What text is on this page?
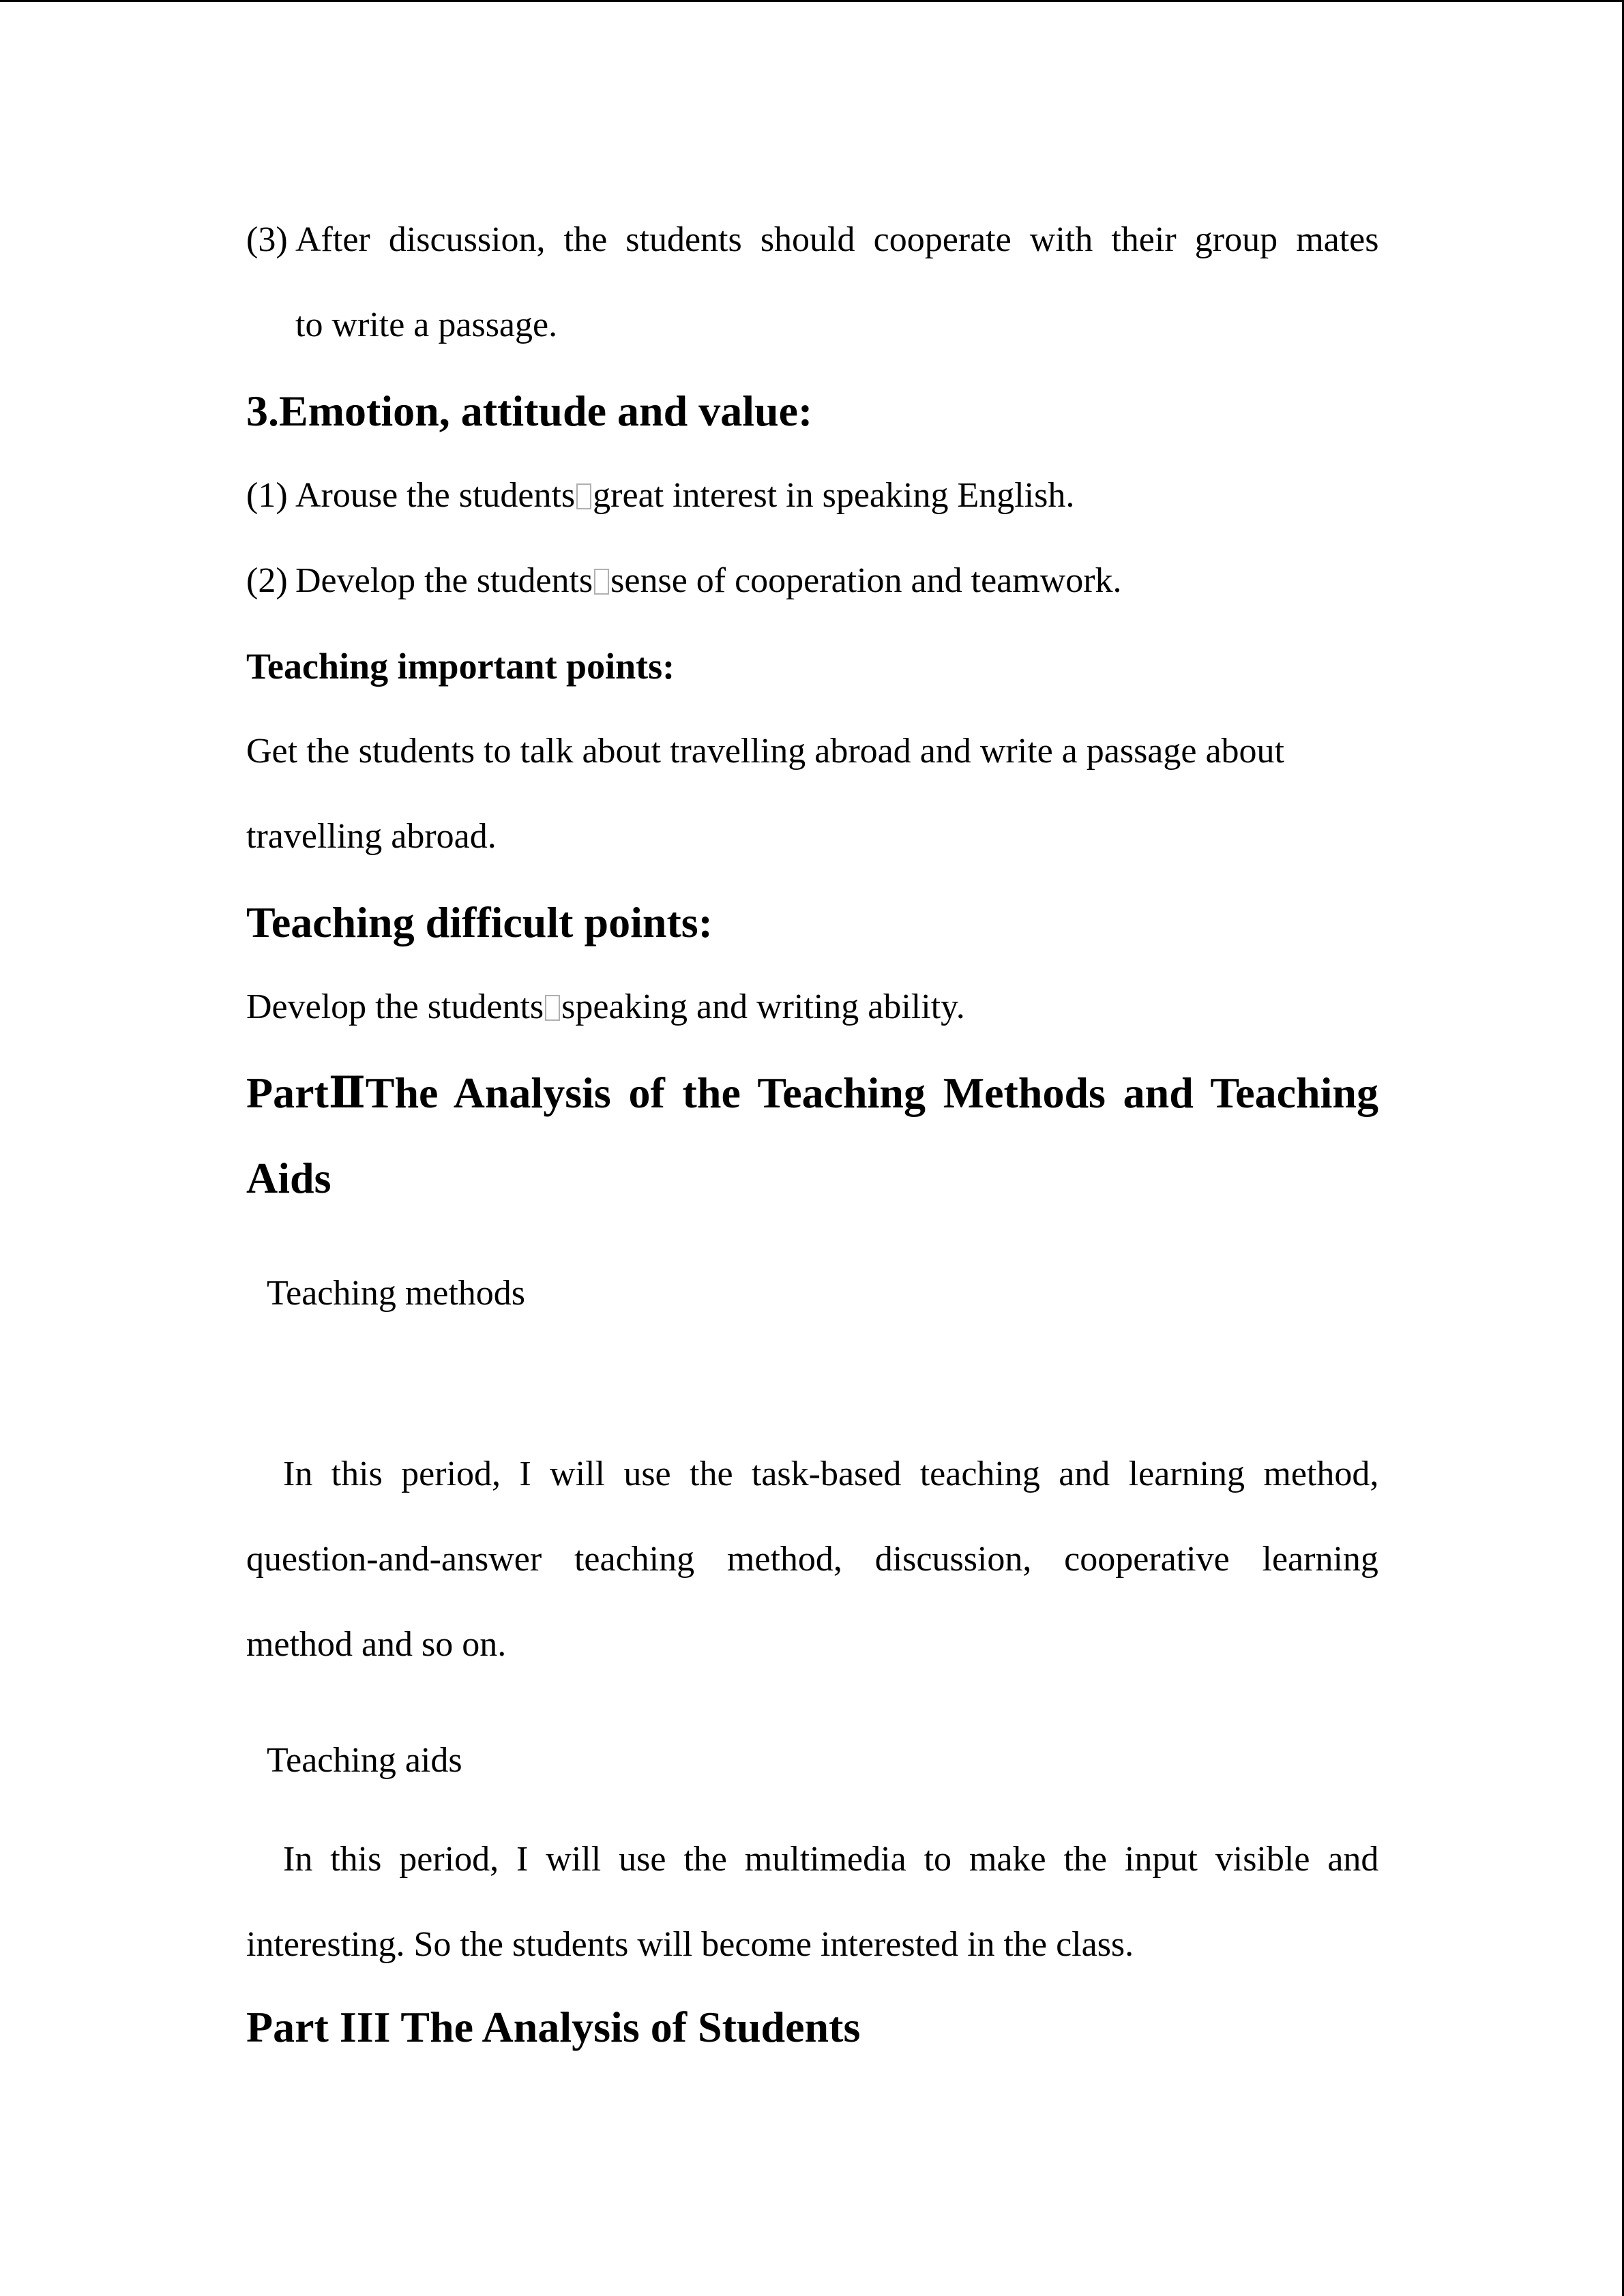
(3) After discussion, the students should cooperate with their group mates
to write a passage.
3.Emotion, attitude and value:
(1) Arouse the students great interest in speaking English.
(2) Develop the students sense of cooperation and teamwork.
Teaching important points:
Get the students to talk about travelling abroad and write a passage about
travelling abroad.
Teaching difficult points:
Develop the students speaking and writing ability.
PartⅡThe Analysis of the Teaching Methods and Teaching
Aids
Teaching methods
In this period, I will use the task-based teaching and learning method,
question-and-answer teaching method, discussion, cooperative learning
method and so on.
Teaching aids
In this period, I will use the multimedia to make the input visible and
interesting. So the students will become interested in the class.
Part III The Analysis of Students
